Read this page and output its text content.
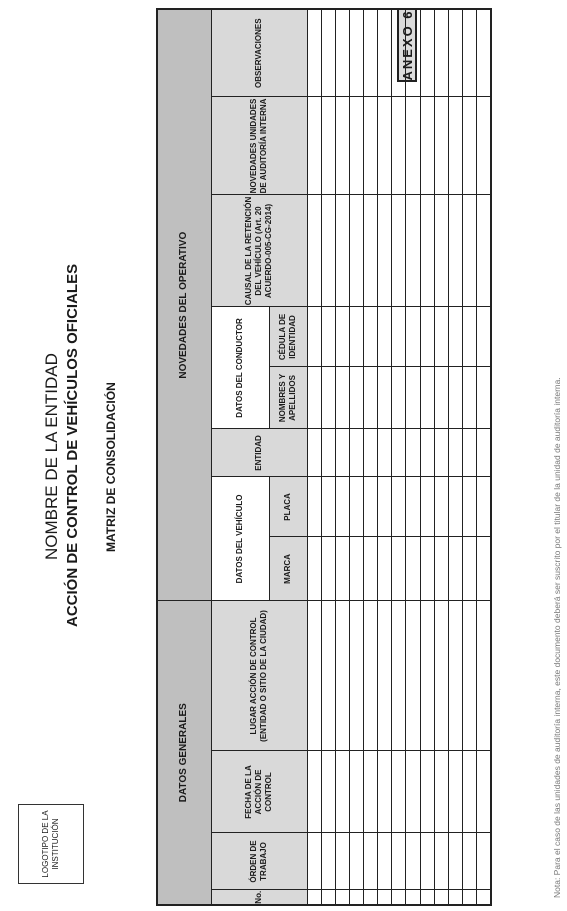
ANEXO 6
LOGOTIPO DE LA INSTITUCIÓN
NOMBRE DE LA ENTIDAD ACCIÓN DE CONTROL DE VEHÍCULOS OFICIALES MATRIZ DE CONSOLIDACIÓN	Nota: Para el caso de las unidades de auditoría interna, este documento deberá ser suscrito por el titular de la unidad de auditoría interna.
DATOS GENERALES				NOVEDADES DEL OPERATIVO							
No.	ÓRDEN DE TRABAJO	FECHA DE LA ACCIÓN DE CONTROL	LUGAR ACCIÓN DE CONTROL (ENTIDAD O SITIO DE LA CIUDAD)	DATOS DEL VEHÍCULO		ENTIDAD	DATOS DEL CONDUCTOR		CAUSAL DE LA RETENCIÓN DEL VEHÍCULO (Art. 20 ACUERDO-005-CG-2014)	NOVEDADES UNIDADES DE AUDITORÍA INTERNA	OBSERVACIONES
				MARCA	PLACA		NOMBRES Y APELLIDOS	CÉDULA DE IDENTIDAD			
